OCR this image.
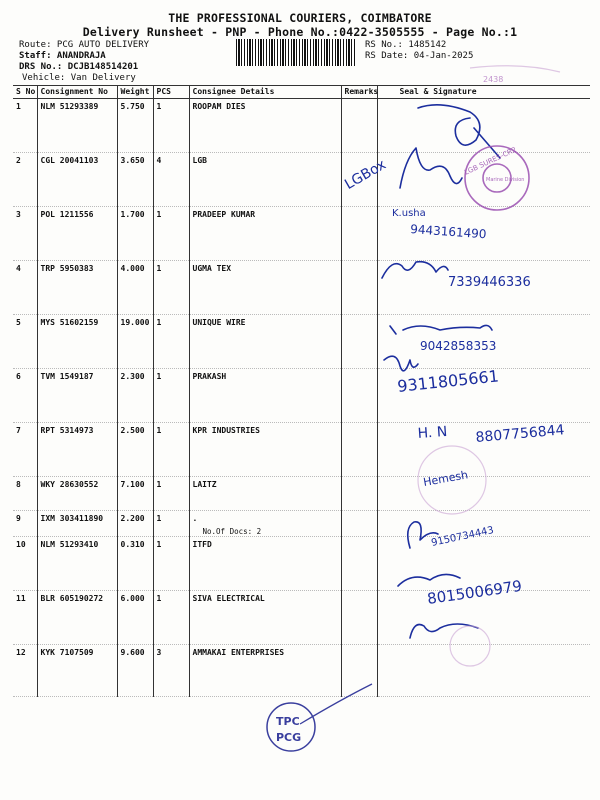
THE PROFESSIONAL COURIERS, COIMBATORE
Delivery Runsheet - PNP - Phone No.:0422-3505555 - Page No.:1
Route: PCG AUTO DELIVERY
Staff: ANANDRAJA
DRS No.: DCJB148514201
Vehicle: Van Delivery
RS No.: 1485142
RS Date: 04-Jan-2025
S No	Consignment No	Weight	PCS	Consignee Details	Remarks	Seal & Signature
1	NLM 51293389	5.750	1	ROOPAM DIES		
2	CGL 20041103	3.650	4	LGB		
3	POL 1211556	1.700	1	PRADEEP KUMAR		
4	TRP 5950383	4.000	1	UGMA TEX		
5	MYS 51602159	19.000	1	UNIQUE WIRE		
6	TVM 1549187	2.300	1	PRAKASH		
7	RPT 5314973	2.500	1	KPR INDUSTRIES		
8	WKY 28630552	7.100	1	LAITZ		
9	IXM 303411890	2.200	1	.
No.Of Docs: 2		

10	NLM 51293410	0.310	1	ITFD		
11	BLR 605190272	6.000	1	SIVA ELECTRICAL		
12	KYK 7107509	9.600	3	AMMAKAI ENTERPRISES		
2438
LGBox	LGB SURES-CR2
Marine Division
K.usha
9443161490
7339446336
9042858353
9311805661
H. N 8807756844
Hemesh
9150734443
8015006979
TPC
PCG
